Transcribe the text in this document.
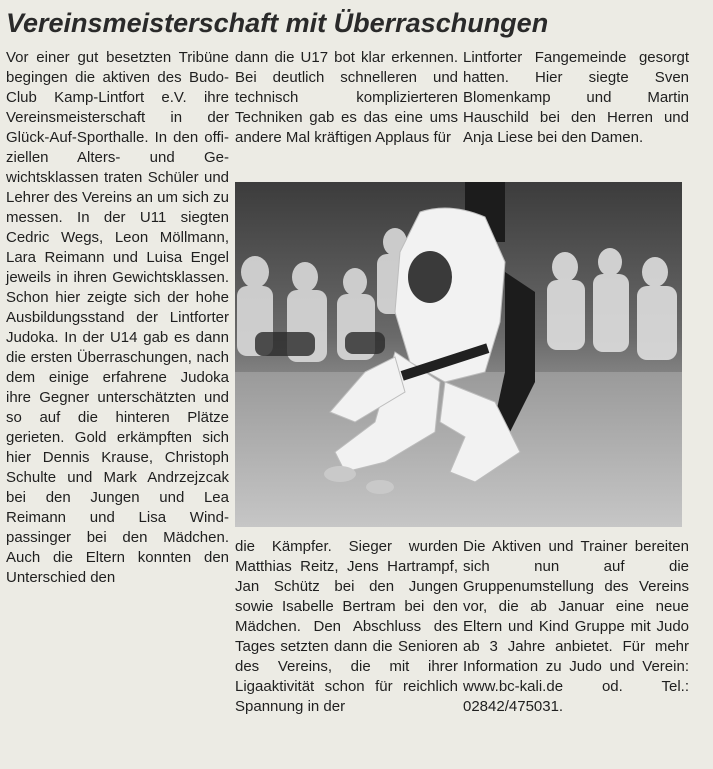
Vereinsmeisterschaft mit Überraschungen

Vor einer gut besetzten Tribüne begingen die aktiven des Budo-Club Kamp-Lintfort e.V. ihre Vereinsmeisterschaft in der Glück-Auf-Sporthalle. In den offiziellen Alters- und Gewichtsklassen traten Schüler und Lehrer des Vereins an um sich zu messen. In der U11 siegten Cedric Wegs, Leon Möllmann, Lara Reimann und Luisa Engel jeweils in ihren Gewichtsklassen. Schon hier zeigte sich der hohe Ausbildungsstand der Lintforter Judoka. In der U14 gab es dann die ersten Überraschungen, nach dem einige erfahrene Judoka ihre Gegner unterschätzten und so auf die hinteren Plätze gerieten. Gold erkämpften sich hier Dennis Krause, Christoph Schulte und Mark Andrzejzcak bei den Jungen und Lea Reimann und Lisa Windpassinger bei den Mädchen. Auch die Eltern konnten den Unterschied den

dann die U17 bot klar erkennen. Bei deutlich schnelleren und technisch komplizierteren Techniken gab es das eine ums andere Mal kräftigen Applaus für

Lintforter Fangemeinde gesorgt hatten. Hier siegte Sven Blomenkamp und Martin Hauschild bei den Herren und Anja Liese bei den Damen.

die Kämpfer. Sieger wurden Matthias Reitz, Jens Hartrampf, Jan Schütz bei den Jungen sowie Isabelle Bertram bei den Mädchen. Den Abschluss des Tages setzten dann die Senioren des Vereins, die mit ihrer Ligaaktivität schon für reichlich Spannung in der

Die Aktiven und Trainer bereiten sich nun auf die Gruppenumstellung des Vereins vor, die ab Januar eine neue Eltern und Kind Gruppe mit Judo ab 3 Jahre anbietet. Für mehr Information zu Judo und Verein: www.bc-kali.de od. Tel.: 02842/475031.
